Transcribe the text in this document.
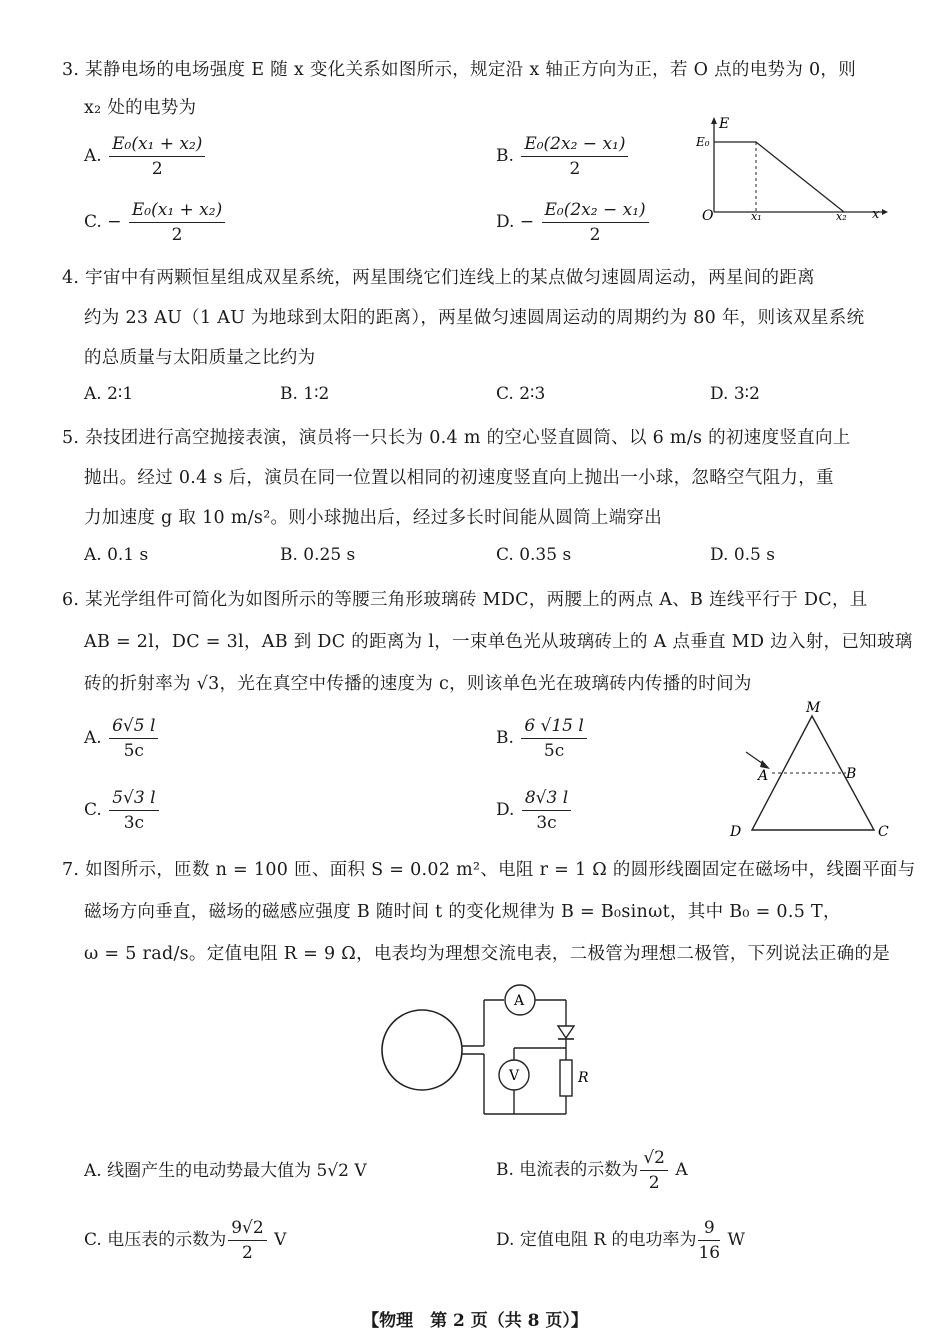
3. 某静电场的电场强度 E 随 x 变化关系如图所示，规定沿 x 轴正方向为正，若 O 点的电势为 0，则
x₂ 处的电势为
A. $\frac{\text{E₀(x₁ + x₂)}}{2}$	B. $\frac{\text{E₀(2x₂ − x₁)}}{2}$
C. − $\frac{\text{E₀(x₁ + x₂)}}{2}$	D. − $\frac{\text{E₀(2x₂ − x₁)}}{2}$
E
E₀
O	x₁	x₂ x
4. 宇宙中有两颗恒星组成双星系统，两星围绕它们连线上的某点做匀速圆周运动，两星间的距离
约为 23 AU（1 AU 为地球到太阳的距离），两星做匀速圆周运动的周期约为 80 年，则该双星系统
的总质量与太阳质量之比约为
A. 2∶1	B. 1∶2	C. 2∶3	D. 3∶2
5. 杂技团进行高空抛接表演，演员将一只长为 0.4 m 的空心竖直圆筒、以 6 m/s 的初速度竖直向上
抛出。经过 0.4 s 后，演员在同一位置以相同的初速度竖直向上抛出一小球，忽略空气阻力，重
力加速度 g 取 10 m/s²。则小球抛出后，经过多长时间能从圆筒上端穿出
A. 0.1 s	B. 0.25 s	C. 0.35 s	D. 0.5 s
6. 某光学组件可简化为如图所示的等腰三角形玻璃砖 MDC，两腰上的两点 A、B 连线平行于 DC，且
AB = 2l，DC = 3l，AB 到 DC 的距离为 l，一束单色光从玻璃砖上的 A 点垂直 MD 边入射，已知玻璃
砖的折射率为 √3，光在真空中传播的速度为 c，则该单色光在玻璃砖内传播的时间为
A. $\frac{6√5 l}{5c}$	B. $\frac{6 √15 l}{5c}$
C. $\frac{5√3 l}{3c}$	D. $\frac{8√3 l}{3c}$
M
A	B
D	C
7. 如图所示，匝数 n = 100 匝、面积 S = 0.02 m²、电阻 r = 1 Ω 的圆形线圈固定在磁场中，线圈平面与
磁场方向垂直，磁场的磁感应强度 B 随时间 t 的变化规律为 B = B₀sinωt，其中 B₀ = 0.5 T，
ω = 5 rad/s。定值电阻 R = 9 Ω，电表均为理想交流电表，二极管为理想二极管，下列说法正确的是
A
R
V
A. 线圈产生的电动势最大值为 5√2 V	B. 电流表的示数为 $\frac{√2}{2}$ A
C. 电压表的示数为 $\frac{9√2}{2}$ V	D. 定值电阻 R 的电功率为 $\frac{9}{16}$ W
【物理　第 2 页（共 8 页）】
